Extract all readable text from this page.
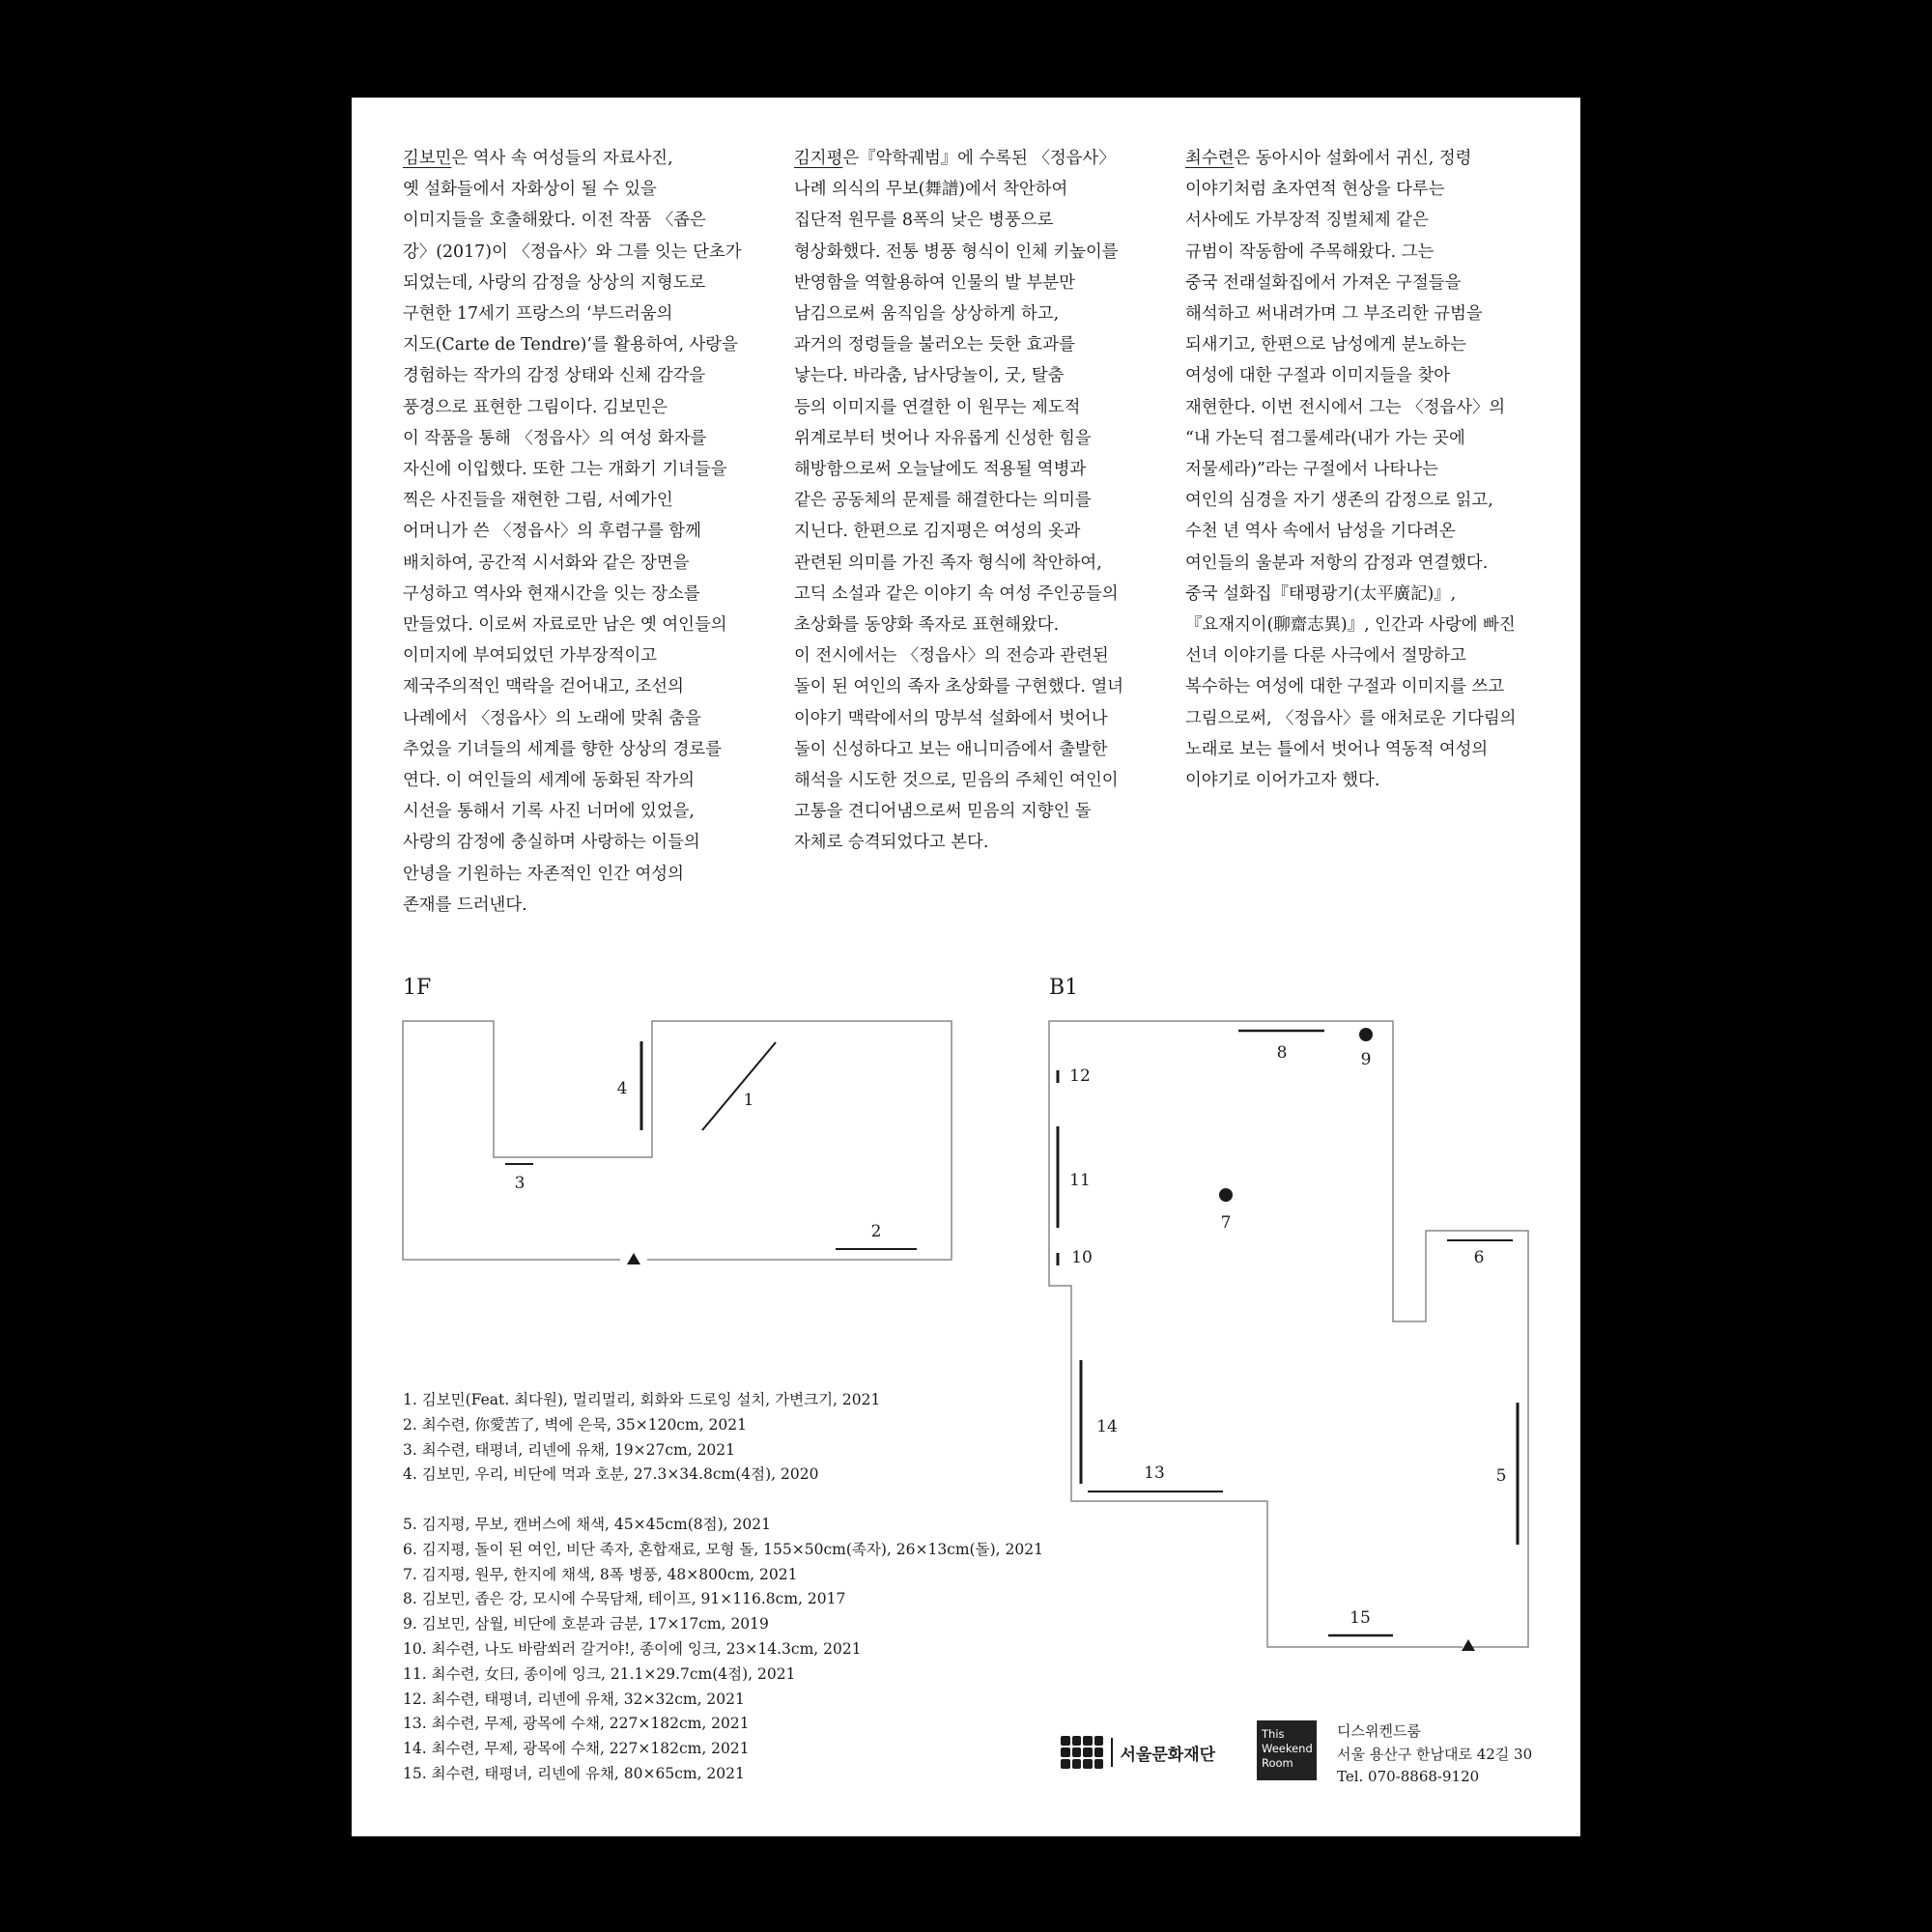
김보민은 역사 속 여성들의 자료사진,
옛 설화들에서 자화상이 될 수 있을
이미지들을 호출해왔다. 이전 작품 〈좁은
강〉(2017)이 〈정읍사〉와 그를 잇는 단초가
되었는데, 사랑의 감정을 상상의 지형도로
구현한 17세기 프랑스의 ‘부드러움의
지도(Carte de Tendre)’를 활용하여, 사랑을
경험하는 작가의 감정 상태와 신체 감각을
풍경으로 표현한 그림이다. 김보민은
이 작품을 통해 〈정읍사〉의 여성 화자를
자신에 이입했다. 또한 그는 개화기 기녀들을
찍은 사진들을 재현한 그림, 서예가인
어머니가 쓴 〈정읍사〉의 후렴구를 함께
배치하여, 공간적 시서화와 같은 장면을
구성하고 역사와 현재시간을 잇는 장소를
만들었다. 이로써 자료로만 남은 옛 여인들의
이미지에 부여되었던 가부장적이고
제국주의적인 맥락을 걷어내고, 조선의
나례에서 〈정읍사〉의 노래에 맞춰 춤을
추었을 기녀들의 세계를 향한 상상의 경로를
연다. 이 여인들의 세계에 동화된 작가의
시선을 통해서 기록 사진 너머에 있었을,
사랑의 감정에 충실하며 사랑하는 이들의
안녕을 기원하는 자존적인 인간 여성의
존재를 드러낸다.

김지평은『악학궤범』에 수록된 〈정읍사〉
나례 의식의 무보(舞譜)에서 착안하여
집단적 원무를 8폭의 낮은 병풍으로
형상화했다. 전통 병풍 형식이 인체 키높이를
반영함을 역할용하여 인물의 발 부분만
남김으로써 움직임을 상상하게 하고,
과거의 정령들을 불러오는 듯한 효과를
낳는다. 바라춤, 남사당놀이, 굿, 탈춤
등의 이미지를 연결한 이 원무는 제도적
위계로부터 벗어나 자유롭게 신성한 힘을
해방함으로써 오늘날에도 적용될 역병과
같은 공동체의 문제를 해결한다는 의미를
지닌다. 한편으로 김지평은 여성의 옷과
관련된 의미를 가진 족자 형식에 착안하여,
고딕 소설과 같은 이야기 속 여성 주인공들의
초상화를 동양화 족자로 표현해왔다.
이 전시에서는 〈정읍사〉의 전승과 관련된
돌이 된 여인의 족자 초상화를 구현했다. 열녀
이야기 맥락에서의 망부석 설화에서 벗어나
돌이 신성하다고 보는 애니미즘에서 출발한
해석을 시도한 것으로, 믿음의 주체인 여인이
고통을 견디어냄으로써 믿음의 지향인 돌
자체로 승격되었다고 본다.

최수련은 동아시아 설화에서 귀신, 정령
이야기처럼 초자연적 현상을 다루는
서사에도 가부장적 징벌체제 같은
규범이 작동함에 주목해왔다. 그는
중국 전래설화집에서 가져온 구절들을
해석하고 써내려가며 그 부조리한 규범을
되새기고, 한편으로 남성에게 분노하는
여성에 대한 구절과 이미지들을 찾아
재현한다. 이번 전시에서 그는 〈정읍사〉의
“내 가논딕 졈그룰셰라(내가 가는 곳에
저물세라)”라는 구절에서 나타나는
여인의 심경을 자기 생존의 감정으로 읽고,
수천 년 역사 속에서 남성을 기다려온
여인들의 울분과 저항의 감정과 연결했다.
중국 설화집『태평광기(太平廣記)』,
『요재지이(聊齋志異)』, 인간과 사랑에 빠진
선녀 이야기를 다룬 사극에서 절망하고
복수하는 여성에 대한 구절과 이미지를 쓰고
그림으로써, 〈정읍사〉를 애처로운 기다림의
노래로 보는 틀에서 벗어나 역동적 여성의
이야기로 이어가고자 했다.

1F	B1
1
2
3
4
5
6
7
8	9
10
11
12
13
14
15
1. 김보민(Feat. 최다원), 멀리멀리, 회화와 드로잉 설치, 가변크기, 2021
2. 최수련, 你愛苦了, 벽에 은묵, 35×120cm, 2021
3. 최수련, 태평녀, 리넨에 유채, 19×27cm, 2021
4. 김보민, 우리, 비단에 먹과 호분, 27.3×34.8cm(4점), 2020
5. 김지평, 무보, 캔버스에 채색, 45×45cm(8점), 2021
6. 김지평, 돌이 된 여인, 비단 족자, 혼합재료, 모형 돌, 155×50cm(족자), 26×13cm(돌), 2021
7. 김지평, 원무, 한지에 채색, 8폭 병풍, 48×800cm, 2021
8. 김보민, 좁은 강, 모시에 수묵담채, 테이프, 91×116.8cm, 2017
9. 김보민, 삼월, 비단에 호분과 금분, 17×17cm, 2019
10. 최수련, 나도 바람쐬러 갈거야!, 종이에 잉크, 23×14.3cm, 2021
11. 최수련, 女曰, 종이에 잉크, 21.1×29.7cm(4점), 2021
12. 최수련, 태평녀, 리넨에 유채, 32×32cm, 2021
13. 최수련, 무제, 광목에 수채, 227×182cm, 2021
14. 최수련, 무제, 광목에 수채, 227×182cm, 2021
15. 최수련, 태평녀, 리넨에 유채, 80×65cm, 2021
서울문화재단
This
Weekend
Room
디스위켄드룸
서울 용산구 한남대로 42길 30
Tel. 070-8868-9120
